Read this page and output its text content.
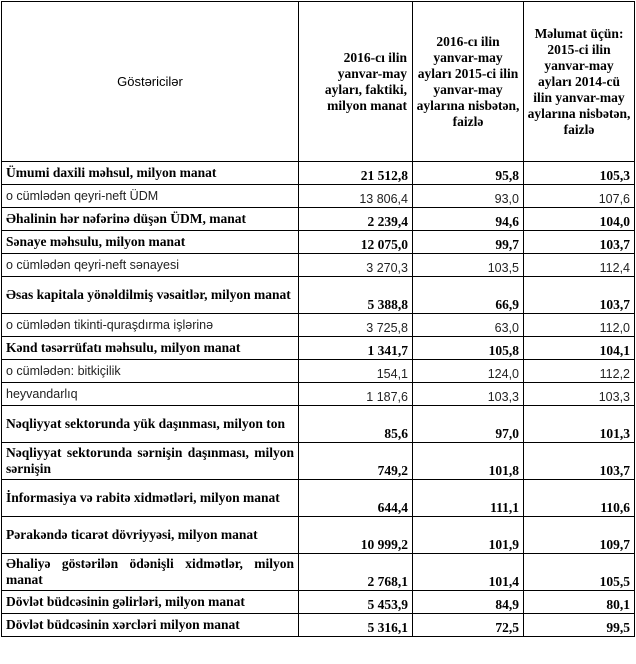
Göstəricilər	2016-cı ilin yanvar-may ayları, faktiki, milyon manat	2016-cı ilin yanvar-may ayları 2015-ci ilin yanvar-may aylarına nisbətən, faizlə	Məlumat üçün: 2015-ci ilin yanvar-may ayları 2014-cü ilin yanvar-may aylarına nisbətən, faizlə
Ümumi daxili məhsul, milyon manat	21 512,8	95,8	105,3
o cümlədən qeyri-neft ÜDM	13 806,4	93,0	107,6
Əhalinin hər nəfərinə düşən ÜDM, manat	2 239,4	94,6	104,0
Sənaye məhsulu, milyon manat	12 075,0	99,7	103,7
o cümlədən qeyri-neft sənayesi	3 270,3	103,5	112,4
Əsas kapitala yönəldilmiş vəsaitlər, milyon manat	5 388,8	66,9	103,7
o cümlədən tikinti-quraşdırma işlərinə	3 725,8	63,0	112,0
Kənd təsərrüfatı məhsulu, milyon manat	1 341,7	105,8	104,1
o cümlədən: bitkiçilik	154,1	124,0	112,2
heyvandarlıq	1 187,6	103,3	103,3
Nəqliyyat sektorunda yük daşınması, milyon ton	85,6	97,0	101,3
Nəqliyyat sektorunda sərnişin daşınması, milyon sərnişin	749,2	101,8	103,7
İnformasiya və rabitə xidmətləri, milyon manat	644,4	111,1	110,6
Pərakəndə ticarət dövriyyəsi, milyon manat	10 999,2	101,9	109,7
Əhaliyə göstərilən ödənişli xidmətlər, milyon manat	2 768,1	101,4	105,5
Dövlət büdcəsinin gəlirləri, milyon manat	5 453,9	84,9	80,1
Dövlət büdcəsinin xərcləri milyon manat	5 316,1	72,5	99,5
